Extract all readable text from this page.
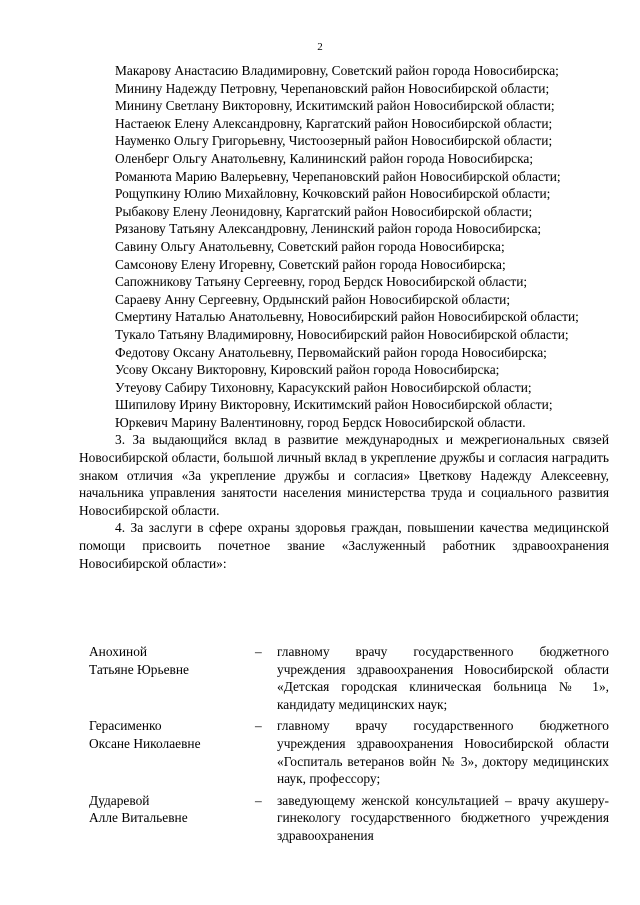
2

Макарову Анастасию Владимировну, Советский район города Новосибирска;

Минину Надежду Петровну, Черепановский район Новосибирской области;

Минину Светлану Викторовну, Искитимский район Новосибирской области;

Настаеюк Елену Александровну, Каргатский район Новосибирской области;

Науменко Ольгу Григорьевну, Чистоозерный район Новосибирской области;

Оленберг Ольгу Анатольевну, Калининский район города Новосибирска;

Романюта Марию Валерьевну, Черепановский район Новосибирской области;

Рощупкину Юлию Михайловну, Кочковский район Новосибирской области;

Рыбакову Елену Леонидовну, Каргатский район Новосибирской области;

Рязанову Татьяну Александровну, Ленинский район города Новосибирска;

Савину Ольгу Анатольевну, Советский район города Новосибирска;

Самсонову Елену Игоревну, Советский район города Новосибирска;

Сапожникову Татьяну Сергеевну, город Бердск Новосибирской области;

Сараеву Анну Сергеевну, Ордынский район Новосибирской области;

Смертину Наталью Анатольевну, Новосибирский район Новосибирской области;

Тукало Татьяну Владимировну, Новосибирский район Новосибирской области;

Федотову Оксану Анатольевну, Первомайский район города Новосибирска;

Усову Оксану Викторовну, Кировский район города Новосибирска;

Утеуову Сабиру Тихоновну, Карасукский район Новосибирской области;

Шипилову Ирину Викторовну, Искитимский район Новосибирской области;

Юркевич Марину Валентиновну, город Бердск Новосибирской области.

3. За выдающийся вклад в развитие международных и межрегиональных связей Новосибирской области, большой личный вклад в укрепление дружбы и согласия наградить знаком отличия «За укрепление дружбы и согласия» Цветкову Надежду Алексеевну, начальника управления занятости населения министерства труда и социального развития Новосибирской области.

4. За заслуги в сфере охраны здоровья граждан, повышении качества медицинской помощи присвоить почетное звание «Заслуженный работник здравоохранения Новосибирской области»:

Анохиной
Татьяне Юрьевне
–	главному врачу государственного бюджетного учреждения здравоохранения Новосибирской области «Детская городская клиническая больница № 1», кандидату медицинских наук;
Герасименко
Оксане Николаевне
–	главному врачу государственного бюджетного учреждения здравоохранения Новосибирской области «Госпиталь ветеранов войн № 3», доктору медицинских наук, профессору;
Дударевой
Алле Витальевне
–	заведующему женской консультацией – врачу акушеру-гинекологу государственного бюджетного учреждения здравоохранения
